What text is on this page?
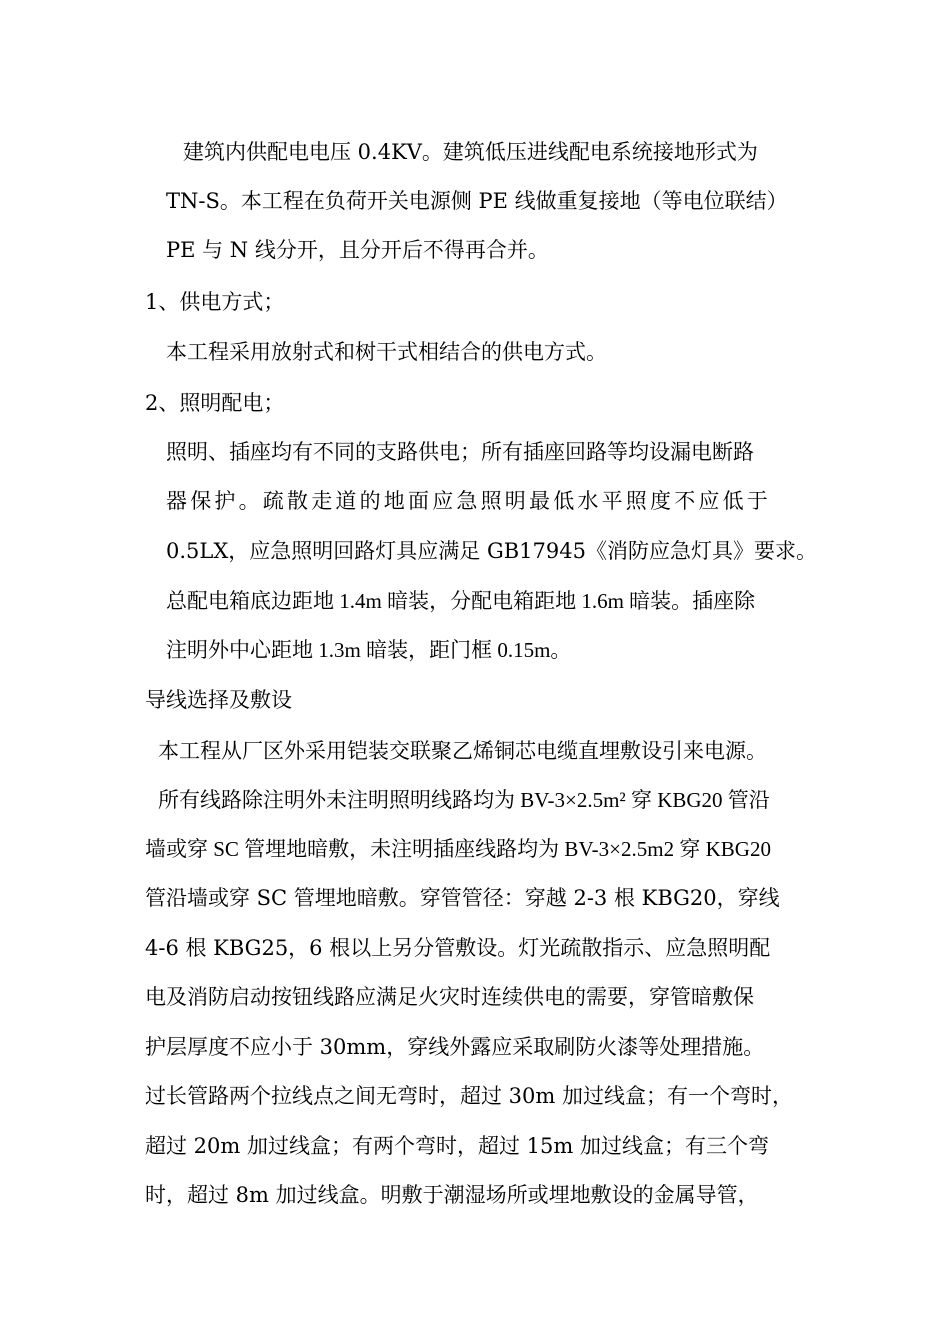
建筑内供配电电压 0.4KV。建筑低压进线配电系统接地形式为
TN-S。本工程在负荷开关电源侧 PE 线做重复接地（等电位联结）
PE 与 N 线分开，且分开后不得再合并。
1、供电方式；
本工程采用放射式和树干式相结合的供电方式。
2、照明配电；
照明、插座均有不同的支路供电；所有插座回路等均设漏电断路
器保护。疏散走道的地面应急照明最低水平照度不应低于
0.5LX，应急照明回路灯具应满足 GB17945《消防应急灯具》要求。
总配电箱底边距地 1.4m 暗装，分配电箱距地 1.6m 暗装。插座除
注明外中心距地 1.3m 暗装，距门框 0.15m。
导线选择及敷设
本工程从厂区外采用铠装交联聚乙烯铜芯电缆直埋敷设引来电源。
所有线路除注明外未注明照明线路均为 BV-3×2.5m² 穿 KBG20 管沿
墙或穿 SC 管埋地暗敷，未注明插座线路均为 BV-3×2.5m2 穿 KBG20
管沿墙或穿 SC 管埋地暗敷。穿管管径：穿越 2-3 根 KBG20，穿线
4-6 根 KBG25，6 根以上另分管敷设。灯光疏散指示、应急照明配
电及消防启动按钮线路应满足火灾时连续供电的需要，穿管暗敷保
护层厚度不应小于 30mm，穿线外露应采取刷防火漆等处理措施。
过长管路两个拉线点之间无弯时，超过 30m 加过线盒；有一个弯时，
超过 20m 加过线盒；有两个弯时，超过 15m 加过线盒；有三个弯
时，超过 8m 加过线盒。明敷于潮湿场所或埋地敷设的金属导管，
